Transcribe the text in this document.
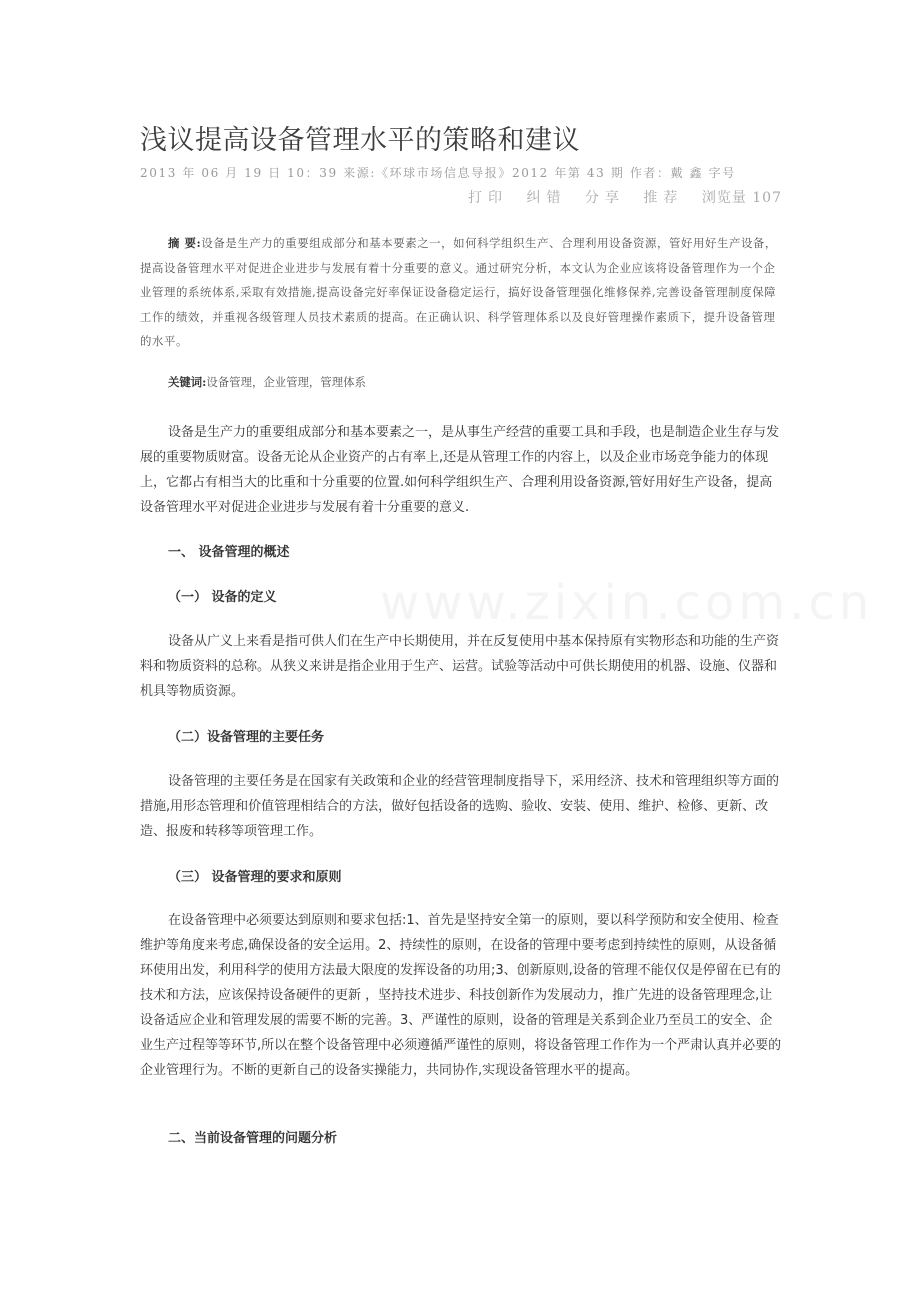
www.zixin.com.cn
浅议提高设备管理水平的策略和建议
2013 年 06 月 19 日 10：39 来源:《环球市场信息导报》2012 年第 43 期 作者：戴 鑫 字号
打印 纠错 分享 推荐 浏览量 107
摘 要:设备是生产力的重要组成部分和基本要素之一，如何科学组织生产、合理利用设备资源，管好用好生产设备，提高设备管理水平对促进企业进步与发展有着十分重要的意义。通过研究分析，本文认为企业应该将设备管理作为一个企业管理的系统体系,采取有效措施,提高设备完好率保证设备稳定运行，搞好设备管理强化维修保养,完善设备管理制度保障工作的绩效，并重视各级管理人员技术素质的提高。在正确认识、科学管理体系以及良好管理操作素质下，提升设备管理的水平。
关键词:设备管理，企业管理，管理体系
设备是生产力的重要组成部分和基本要素之一，是从事生产经营的重要工具和手段，也是制造企业生存与发展的重要物质财富。设备无论从企业资产的占有率上,还是从管理工作的内容上，以及企业市场竞争能力的体现上，它都占有相当大的比重和十分重要的位置.如何科学组织生产、合理利用设备资源,管好用好生产设备，提高设备管理水平对促进企业进步与发展有着十分重要的意义.
一、 设备管理的概述
（一） 设备的定义
设备从广义上来看是指可供人们在生产中长期使用，并在反复使用中基本保持原有实物形态和功能的生产资料和物质资料的总称。从狭义来讲是指企业用于生产、运营。试验等活动中可供长期使用的机器、设施、仪器和机具等物质资源。
（二）设备管理的主要任务
设备管理的主要任务是在国家有关政策和企业的经营管理制度指导下，采用经济、技术和管理组织等方面的措施,用形态管理和价值管理相结合的方法，做好包括设备的选购、验收、安装、使用、维护、检修、更新、改造、报废和转移等项管理工作。
（三） 设备管理的要求和原则
在设备管理中必须要达到原则和要求包括:1、首先是坚持安全第一的原则，要以科学预防和安全使用、检查维护等角度来考虑,确保设备的安全运用。2、持续性的原则，在设备的管理中要考虑到持续性的原则，从设备循环使用出发，利用科学的使用方法最大限度的发挥设备的功用;3、创新原则,设备的管理不能仅仅是停留在已有的技术和方法，应该保持设备硬件的更新 ，坚持技术进步、科技创新作为发展动力，推广先进的设备管理理念,让设备适应企业和管理发展的需要不断的完善。3、严谨性的原则，设备的管理是关系到企业乃至员工的安全、企业生产过程等等环节,所以在整个设备管理中必须遵循严谨性的原则，将设备管理工作作为一个严肃认真并必要的企业管理行为。不断的更新自己的设备实操能力，共同协作,实现设备管理水平的提高。
二、当前设备管理的问题分析
